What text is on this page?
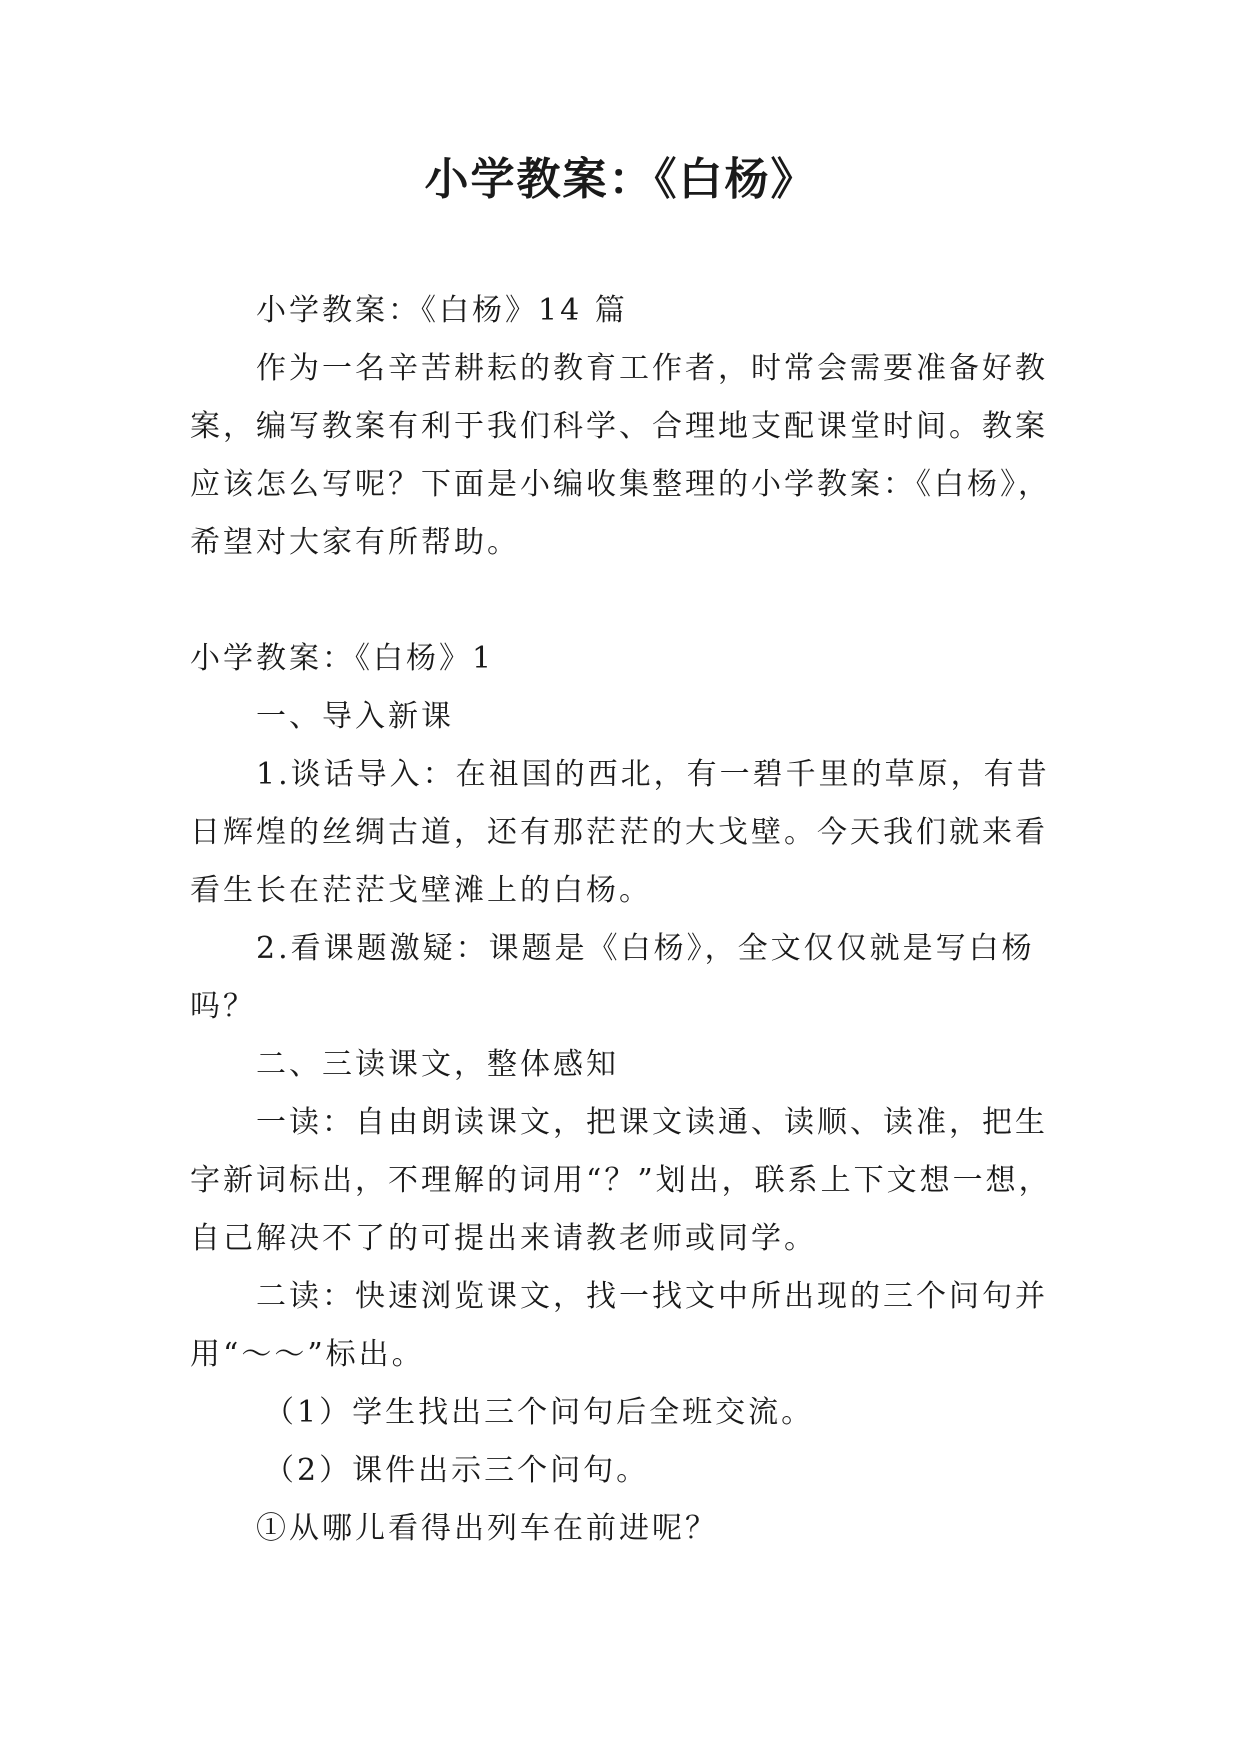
小学教案：《白杨》

小学教案：《白杨》14 篇

作为一名辛苦耕耘的教育工作者，时常会需要准备好教案，编写教案有利于我们科学、合理地支配课堂时间。教案应该怎么写呢？下面是小编收集整理的小学教案：《白杨》，希望对大家有所帮助。

小学教案：《白杨》1

一、导入新课

1.谈话导入：在祖国的西北，有一碧千里的草原，有昔日辉煌的丝绸古道，还有那茫茫的大戈壁。今天我们就来看看生长在茫茫戈壁滩上的白杨。

2.看课题激疑：课题是《白杨》，全文仅仅就是写白杨吗？

二、三读课文，整体感知

一读：自由朗读课文，把课文读通、读顺、读准，把生字新词标出，不理解的词用“？”划出，联系上下文想一想，自己解决不了的可提出来请教老师或同学。

二读：快速浏览课文，找一找文中所出现的三个问句并用“～～”标出。

（1）学生找出三个问句后全班交流。

（2）课件出示三个问句。

①从哪儿看得出列车在前进呢？
